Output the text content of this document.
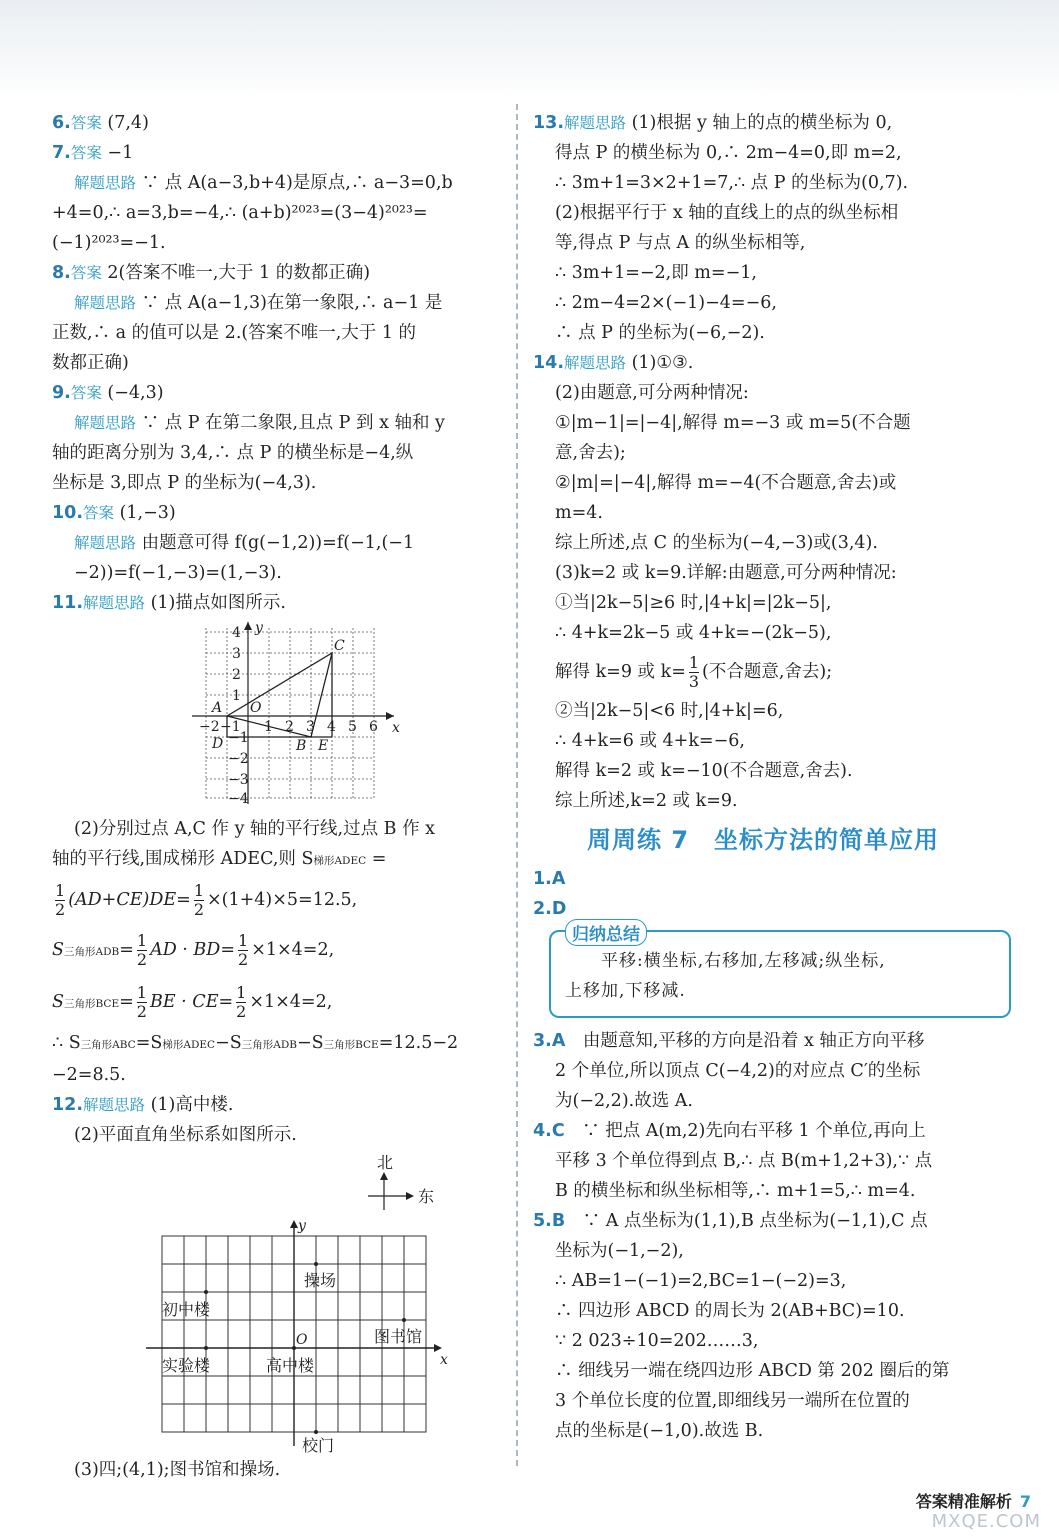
6.答案 (7,4)
7.答案 −1
解题思路 ∵ 点 A(a−3,b+4)是原点,∴ a−3=0,b
+4=0,∴ a=3,b=−4,∴ (a+b)²⁰²³=(3−4)²⁰²³=
(−1)²⁰²³=−1.
8.答案 2(答案不唯一,大于 1 的数都正确)
解题思路 ∵ 点 A(a−1,3)在第一象限,∴ a−1 是
正数,∴ a 的值可以是 2.(答案不唯一,大于 1 的
数都正确)
9.答案 (−4,3)
解题思路 ∵ 点 P 在第二象限,且点 P 到 x 轴和 y
轴的距离分别为 3,4,∴ 点 P 的横坐标是−4,纵
坐标是 3,即点 P 的坐标为(−4,3).
10.答案 (1,−3)
解题思路 由题意可得 f(g(−1,2))=f(−1,(−1
−2))=f(−1,−3)=(1,−3).
11.解题思路 (1)描点如图所示.
y
x
A O
C
D	B E
4
3
2
1
−1
−2
−3
−4
−2 −1 1 2 3 4 5 6
(2)分别过点 A,C 作 y 轴的平行线,过点 B 作 x
轴的平行线,围成梯形 ADEC,则 S梯形ADEC =
$\frac{1}{2} (AD+CE)DE= \frac{1}{2} \times(1+4)\times 5=12.5$,
S三角形$ADB= \frac{1}{2}$ AD · $BD= \frac{1}{2} \times 1\times 4=2$,
S三角形$BCE= \frac{1}{2}$ BE · $CE= \frac{1}{2} \times 1\times 4=2$,
∴ S三角形ABC=S梯形ADEC−S三角形ADB−S三角形BCE=12.5−2
−2=8.5.
12.解题思路 (1)高中楼.
(2)平面直角坐标系如图所示.
北
东
y
x
O
操场
初中楼
图书馆
实验楼	高中楼
校门
(3)四;(4,1);图书馆和操场.
13.解题思路 (1)根据 y 轴上的点的横坐标为 0,
得点 P 的横坐标为 0,∴ 2m−4=0,即 m=2,
∴ 3m+1=3×2+1=7,∴ 点 P 的坐标为(0,7).
(2)根据平行于 x 轴的直线上的点的纵坐标相
等,得点 P 与点 A 的纵坐标相等,
∴ 3m+1=−2,即 m=−1,
∴ 2m−4=2×(−1)−4=−6,
∴ 点 P 的坐标为(−6,−2).
14.解题思路 (1)①③.
(2)由题意,可分两种情况:
①|m−1|=|−4|,解得 m=−3 或 m=5(不合题
意,舍去);
②|m|=|−4|,解得 m=−4(不合题意,舍去)或
m=4.
综上所述,点 C 的坐标为(−4,−3)或(3,4).
(3)k=2 或 k=9.详解:由题意,可分两种情况:
①当|2k−5|≥6 时,|4+k|=|2k−5|,
∴ 4+k=2k−5 或 4+k=−(2k−5),
解得 k=9 或 $k= \frac{1}{3}$ (不合题意,舍去);
②当|2k−5|<6 时,|4+k|=6,
∴ 4+k=6 或 4+k=−6,
解得 k=2 或 k=−10(不合题意,舍去).
综上所述,k=2 或 k=9.
周周练 7　坐标方法的简单应用
1.A
2.D
归纳总结
　　平移:横坐标,右移加,左移减;纵坐标,
上移加,下移减.
3.A　由题意知,平移的方向是沿着 x 轴正方向平移
2 个单位,所以顶点 C(−4,2)的对应点 C′的坐标
为(−2,2).故选 A.
4.C　∵ 把点 A(m,2)先向右平移 1 个单位,再向上
平移 3 个单位得到点 B,∴ 点 B(m+1,2+3),∵ 点
B 的横坐标和纵坐标相等,∴ m+1=5,∴ m=4.
5.B　∵ A 点坐标为(1,1),B 点坐标为(−1,1),C 点
坐标为(−1,−2),
∴ AB=1−(−1)=2,BC=1−(−2)=3,
∴ 四边形 ABCD 的周长为 2(AB+BC)=10.
∵ 2 023÷10=202……3,
∴ 细线另一端在绕四边形 ABCD 第 202 圈后的第
3 个单位长度的位置,即细线另一端所在位置的
点的坐标是(−1,0).故选 B.
答案精准解析 7
MXQE.COM
